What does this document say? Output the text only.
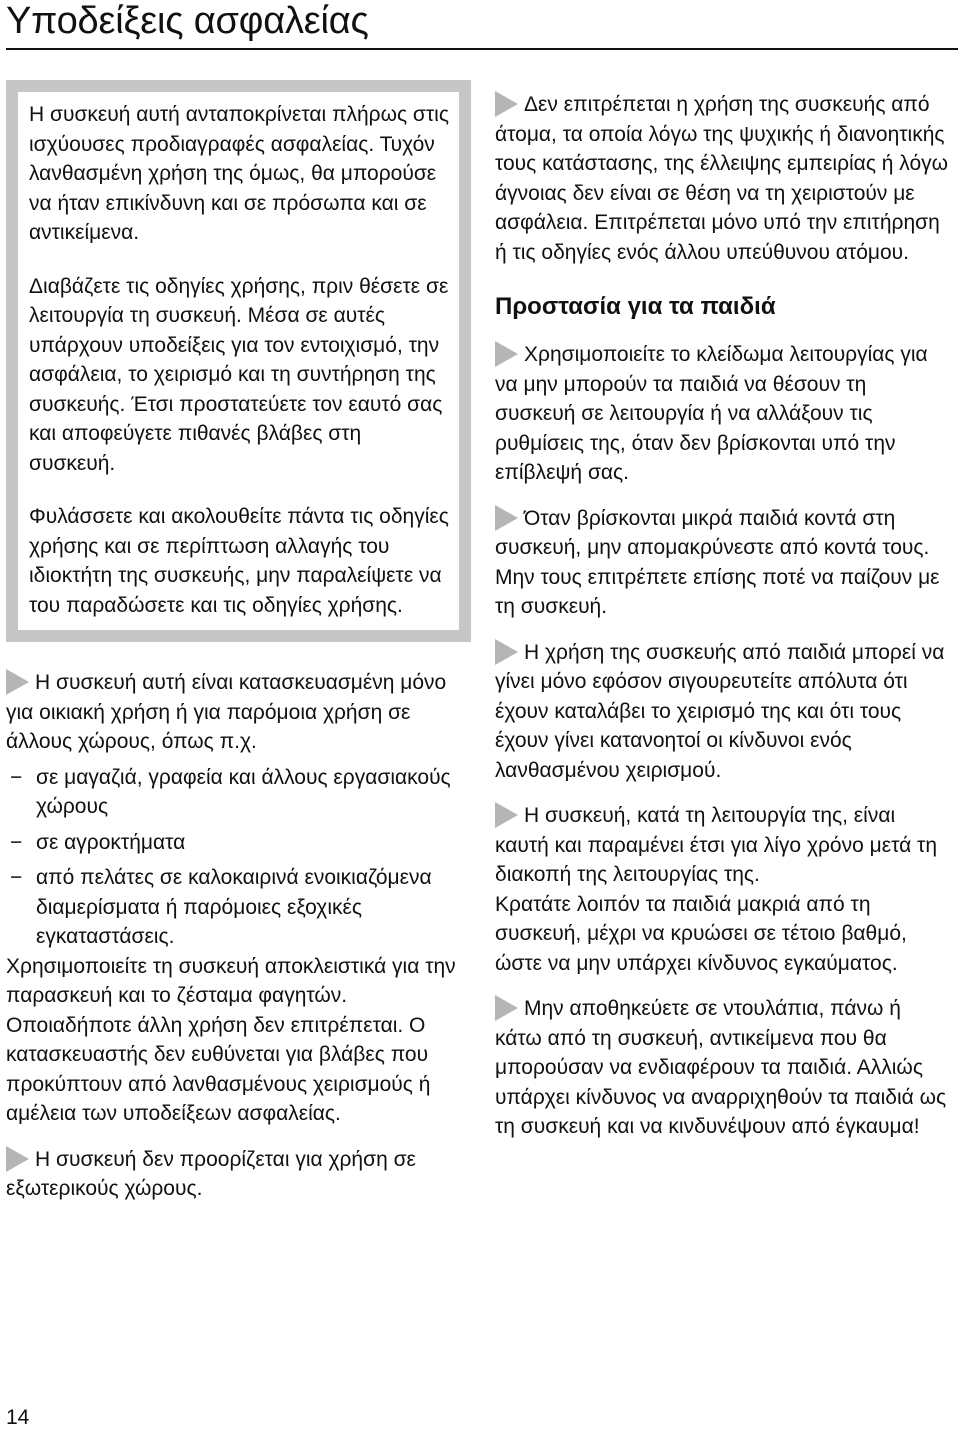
Υποδείξεις ασφαλείας

Η συσκευή αυτή ανταποκρίνεται πλήρως στις ισχύουσες προδιαγραφές ασφαλείας. Τυχόν λανθασμένη χρήση της όμως, θα μπορούσε να ήταν επικίνδυνη και σε πρόσωπα και σε αντικείμενα.

Διαβάζετε τις οδηγίες χρήσης, πριν θέσετε σε λειτουργία τη συσκευή. Μέσα σε αυτές υπάρχουν υποδείξεις για τον εντοιχισμό, την ασφάλεια, το χειρισμό και τη συντήρηση της συσκευής. Έτσι προστατεύετε τον εαυτό σας και αποφεύγετε πιθανές βλάβες στη συσκευή.

Φυλάσσετε και ακολουθείτε πάντα τις οδηγίες χρήσης και σε περίπτωση αλλαγής του ιδιοκτήτη της συσκευής, μην παραλείψετε να του παραδώσετε και τις οδηγίες χρήσης.

Η συσκευή αυτή είναι κατασκευασμένη μόνο για οικιακή χρήση ή για παρόμοια χρήση σε άλλους χώρους, όπως π.χ.

− σε μαγαζιά, γραφεία και άλλους εργασιακούς χώρους
− σε αγροκτήματα
− από πελάτες σε καλοκαιρινά ενοικιαζόμενα διαμερίσματα ή παρόμοιες εξοχικές εγκαταστάσεις.

Χρησιμοποιείτε τη συσκευή αποκλειστικά για την παρασκευή και το ζέσταμα φαγητών. Οποιαδήποτε άλλη χρήση δεν επιτρέπεται. Ο κατασκευαστής δεν ευθύνεται για βλάβες που προκύπτουν από λανθασμένους χειρισμούς ή αμέλεια των υποδείξεων ασφαλείας.

Η συσκευή δεν προορίζεται για χρήση σε εξωτερικούς χώρους.

Δεν επιτρέπεται η χρήση της συσκευής από άτομα, τα οποία λόγω της ψυχικής ή διανοητικής τους κατάστασης, της έλλειψης εμπειρίας ή λόγω άγνοιας δεν είναι σε θέση να τη χειριστούν με ασφάλεια. Επιτρέπεται μόνο υπό την επιτήρηση ή τις οδηγίες ενός άλλου υπεύθυνου ατόμου.

Προστασία για τα παιδιά

Χρησιμοποιείτε το κλείδωμα λειτουργίας για να μην μπορούν τα παιδιά να θέσουν τη συσκευή σε λειτουργία ή να αλλάξουν τις ρυθμίσεις της, όταν δεν βρίσκονται υπό την επίβλεψή σας.

Όταν βρίσκονται μικρά παιδιά κοντά στη συσκευή, μην απομακρύνεστε από κοντά τους. Μην τους επιτρέπετε επίσης ποτέ να παίζουν με τη συσκευή.

Η χρήση της συσκευής από παιδιά μπορεί να γίνει μόνο εφόσον σιγουρευτείτε απόλυτα ότι έχουν καταλάβει το χειρισμό της και ότι τους έχουν γίνει κατανοητοί οι κίνδυνοι ενός λανθασμένου χειρισμού.

Η συσκευή, κατά τη λειτουργία της, είναι καυτή και παραμένει έτσι για λίγο χρόνο μετά τη διακοπή της λειτουργίας της.

Κρατάτε λοιπόν τα παιδιά μακριά από τη συσκευή, μέχρι να κρυώσει σε τέτοιο βαθμό, ώστε να μην υπάρχει κίνδυνος εγκαύματος.

Μην αποθηκεύετε σε ντουλάπια, πάνω ή κάτω από τη συσκευή, αντικείμενα που θα μπορούσαν να ενδιαφέρουν τα παιδιά. Αλλιώς υπάρχει κίνδυνος να αναρριχηθούν τα παιδιά ως τη συσκευή και να κινδυνέψουν από έγκαυμα!

14
